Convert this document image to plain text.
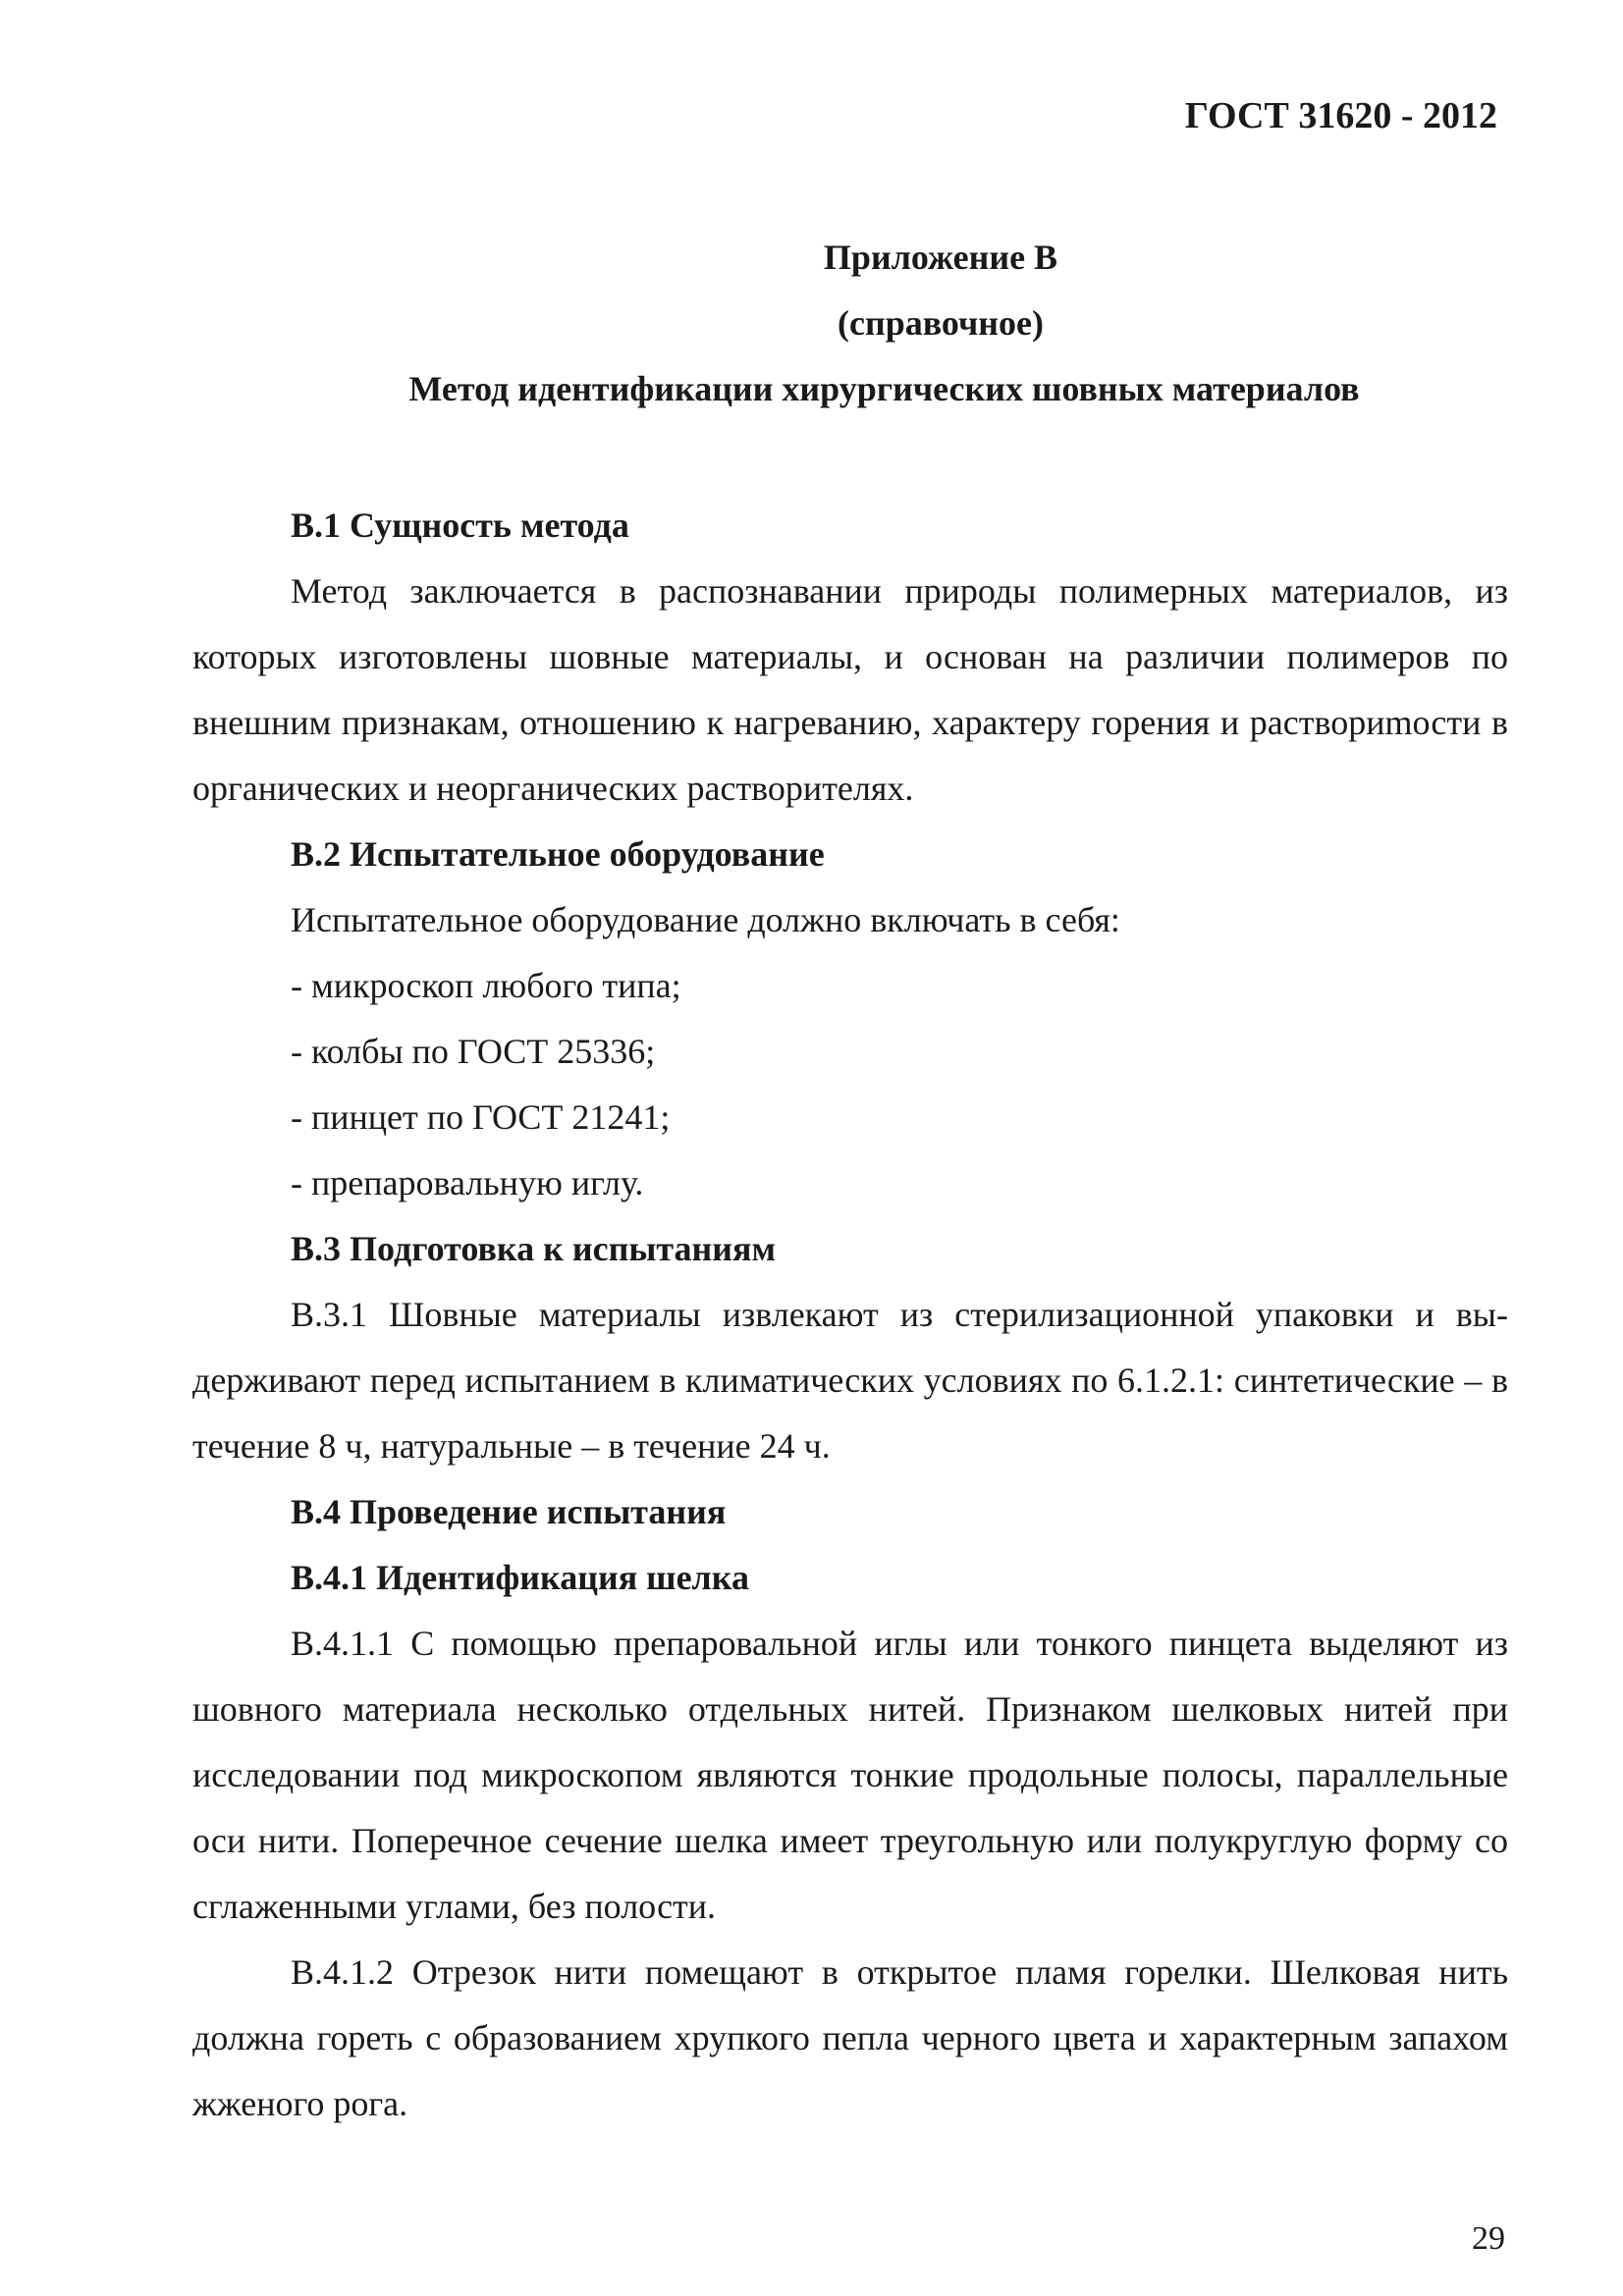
ГОСТ 31620 - 2012
Приложение В
(справочное)
Метод идентификации хирургических шовных материалов

В.1 Сущность метода

Метод заключается в распознавании природы полимерных материалов, из которых изготовлены шовные материалы, и основан на различии полимеров по внешним признакам, отношению к нагреванию, характеру горения и раствориmости в органических и неорганических растворителях.

В.2 Испытательное оборудование

Испытательное оборудование должно включать в себя:

- микроскоп любого типа;

- колбы по ГОСТ 25336;

- пинцет по ГОСТ 21241;

- препаровальную иглу.

В.3 Подготовка к испытаниям

В.3.1 Шовные материалы извлекают из стерилизационной упаковки и выдерживают перед испытанием в климатических условиях по 6.1.2.1: синтетические – в течение 8 ч, натуральные – в течение 24 ч.

В.4 Проведение испытания

В.4.1 Идентификация шелка

В.4.1.1 С помощью препаровальной иглы или тонкого пинцета выделяют из шовного материала несколько отдельных нитей. Признаком шелковых нитей при исследовании под микроскопом являются тонкие продольные полосы, параллельные оси нити. Поперечное сечение шелка имеет треугольную или полукруглую форму со сглаженными углами, без полости.

В.4.1.2 Отрезок нити помещают в открытое пламя горелки. Шелковая нить должна гореть с образованием хрупкого пепла черного цвета и характерным запахом жженого рога.

29
